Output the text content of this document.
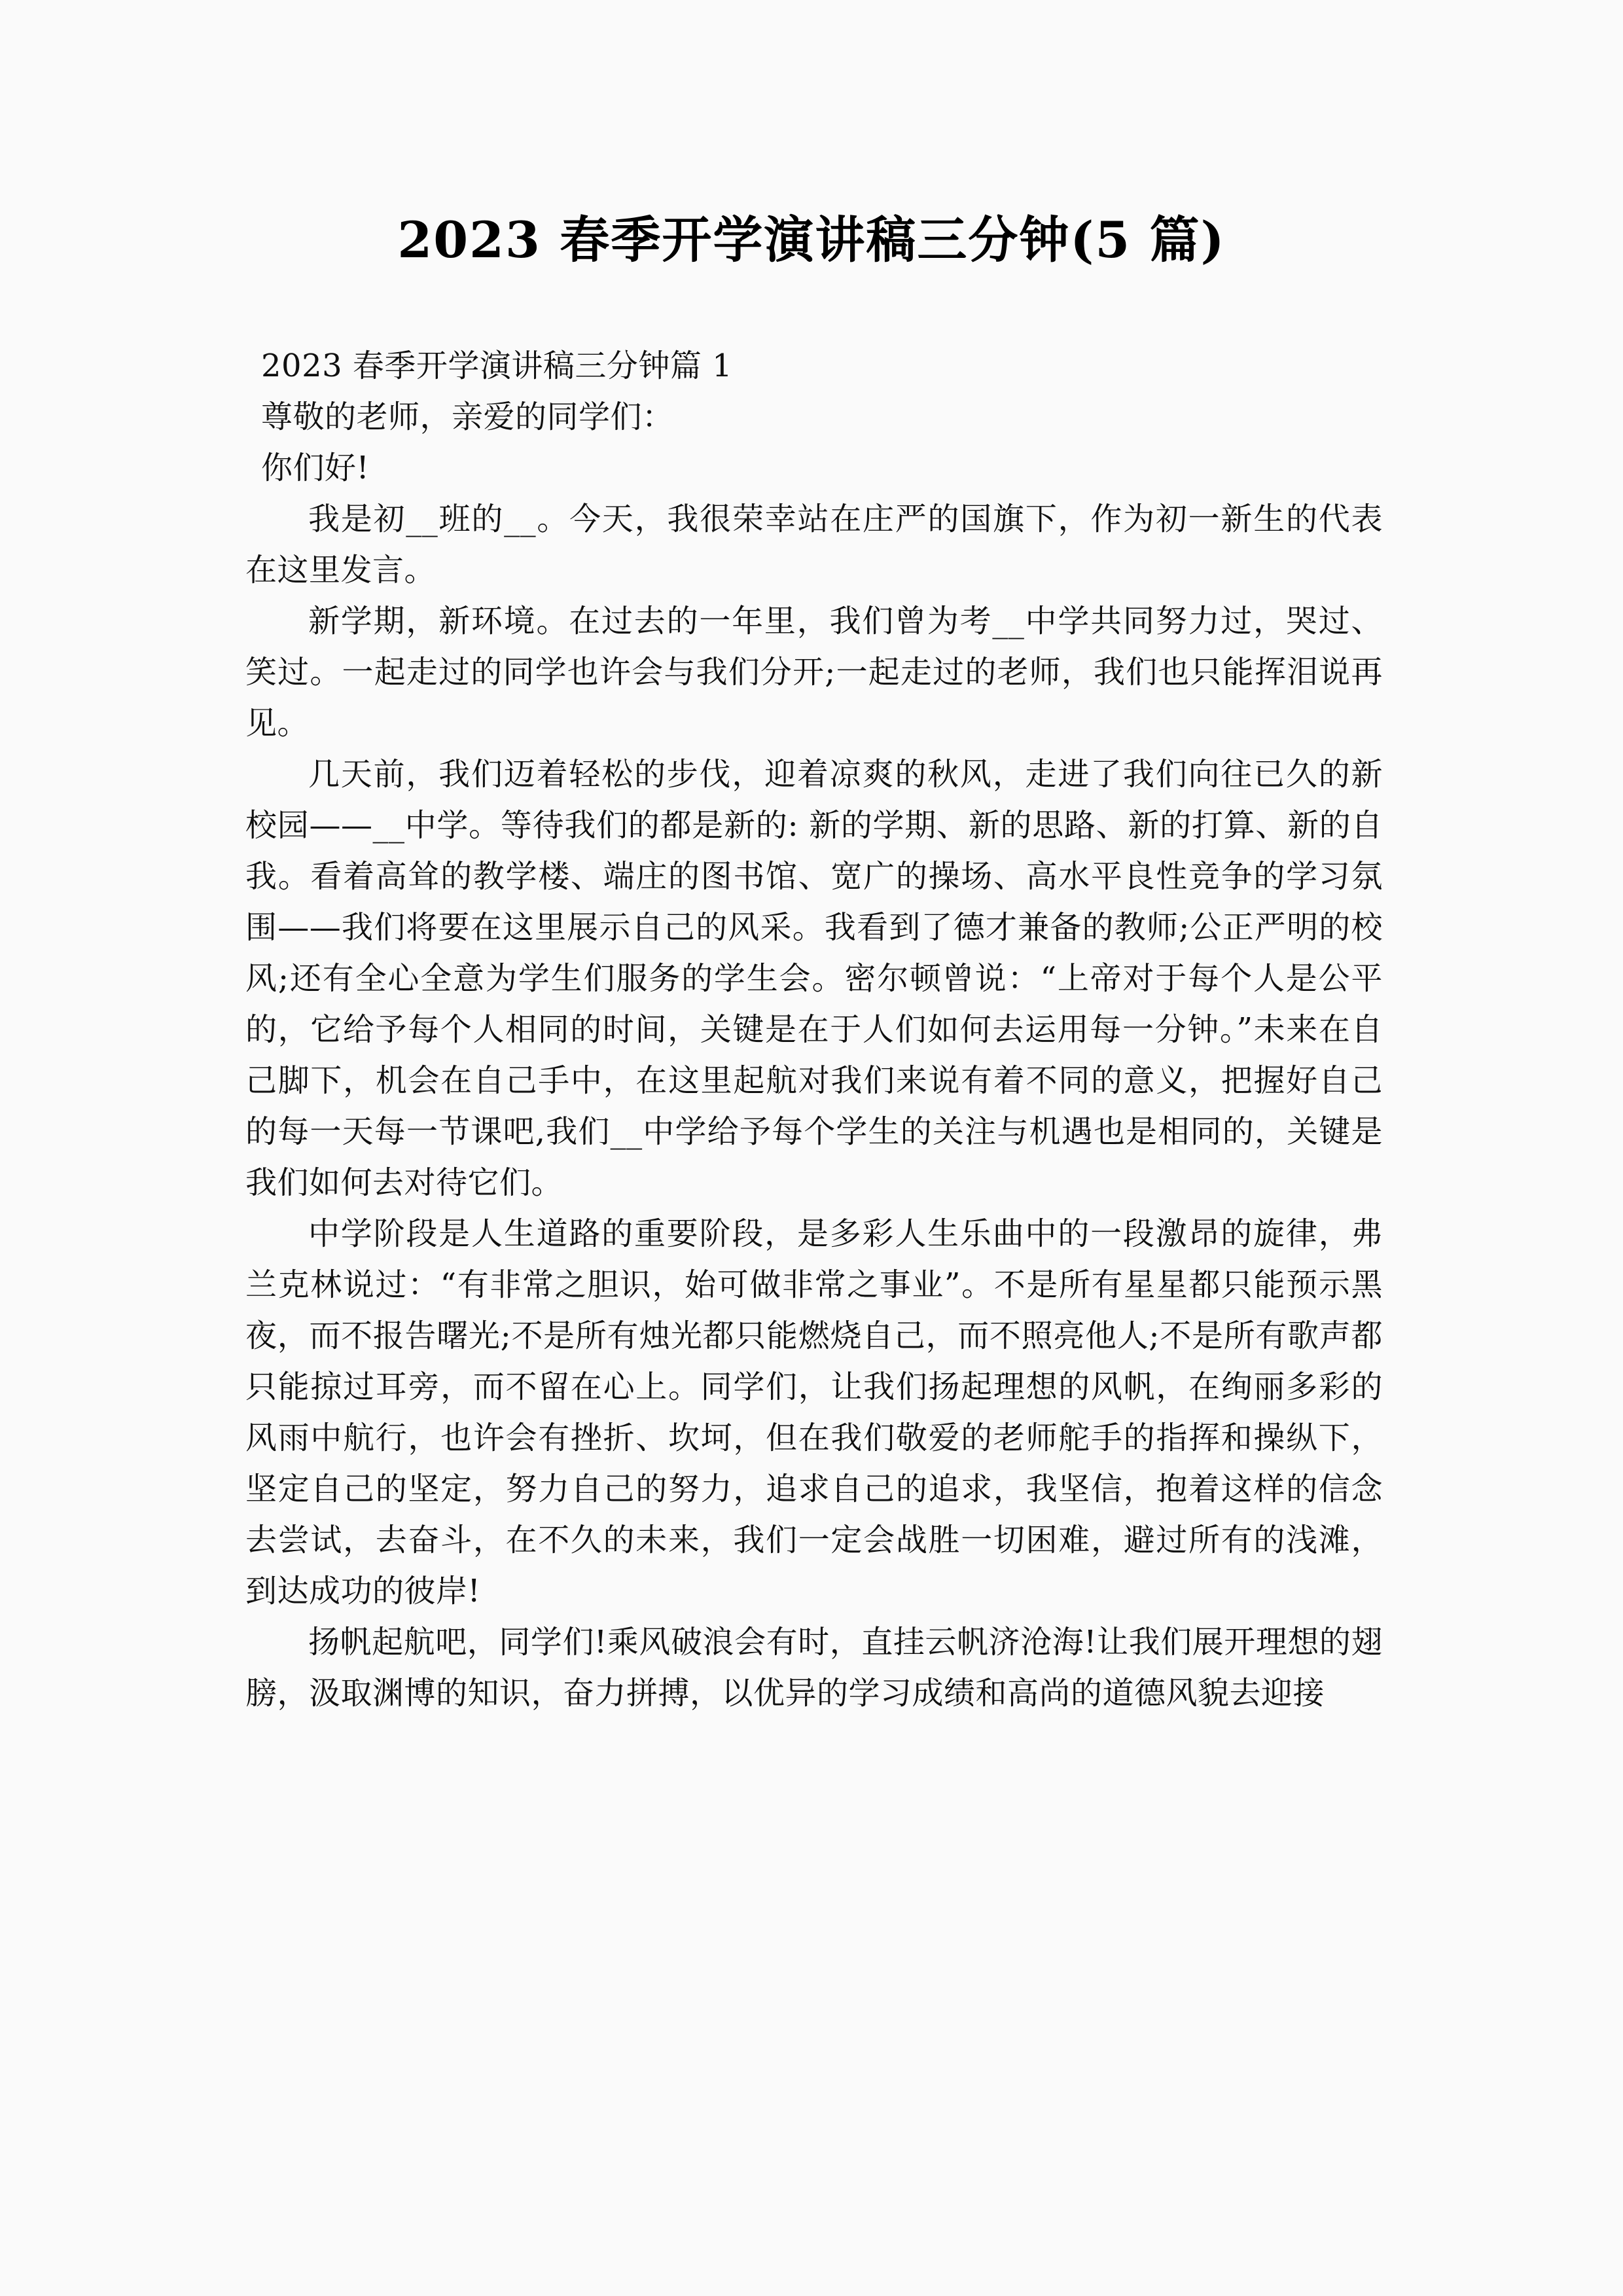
2023 春季开学演讲稿三分钟(5 篇)

2023 春季开学演讲稿三分钟篇 1

尊敬的老师，亲爱的同学们：

你们好!

我是初__班的__。今天，我很荣幸站在庄严的国旗下，作为初一新生的代表在这里发言。

新学期，新环境。在过去的一年里，我们曾为考__中学共同努力过，哭过、笑过。一起走过的同学也许会与我们分开;一起走过的老师，我们也只能挥泪说再见。

几天前，我们迈着轻松的步伐，迎着凉爽的秋风，走进了我们向往已久的新校园——__中学。等待我们的都是新的: 新的学期、新的思路、新的打算、新的自我。看着高耸的教学楼、端庄的图书馆、宽广的操场、高水平良性竞争的学习氛围——我们将要在这里展示自己的风采。我看到了德才兼备的教师;公正严明的校风;还有全心全意为学生们服务的学生会。密尔顿曾说：“上帝对于每个人是公平的，它给予每个人相同的时间，关键是在于人们如何去运用每一分钟。”未来在自己脚下，机会在自己手中，在这里起航对我们来说有着不同的意义，把握好自己的每一天每一节课吧,我们__中学给予每个学生的关注与机遇也是相同的，关键是我们如何去对待它们。

中学阶段是人生道路的重要阶段，是多彩人生乐曲中的一段激昂的旋律，弗兰克林说过：“有非常之胆识，始可做非常之事业”。不是所有星星都只能预示黑夜，而不报告曙光;不是所有烛光都只能燃烧自己，而不照亮他人;不是所有歌声都只能掠过耳旁，而不留在心上。同学们，让我们扬起理想的风帆，在绚丽多彩的风雨中航行，也许会有挫折、坎坷，但在我们敬爱的老师舵手的指挥和操纵下，坚定自己的坚定，努力自己的努力，追求自己的追求，我坚信，抱着这样的信念去尝试，去奋斗，在不久的未来，我们一定会战胜一切困难，避过所有的浅滩，到达成功的彼岸!

扬帆起航吧，同学们!乘风破浪会有时，直挂云帆济沧海!让我们展开理想的翅膀，汲取渊博的知识，奋力拼搏，以优异的学习成绩和高尚的道德风貌去迎接
